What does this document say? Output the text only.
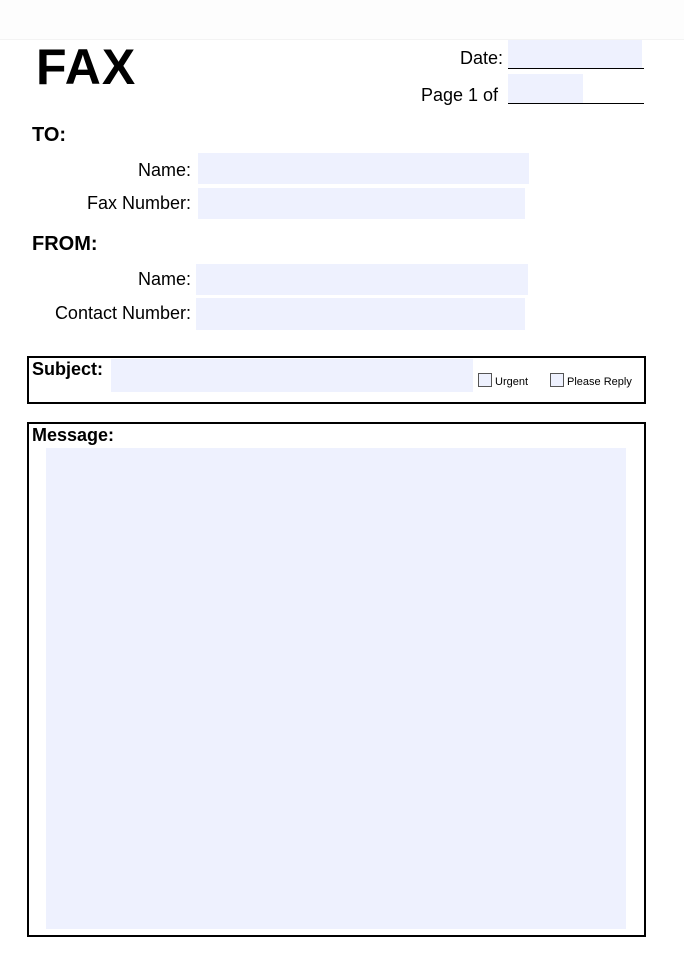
FAX	Date:
Page 1 of
TO:
Name:
Fax Number:
FROM:
Name:
Contact Number:
Subject:
Urgent	Please Reply
Message:
